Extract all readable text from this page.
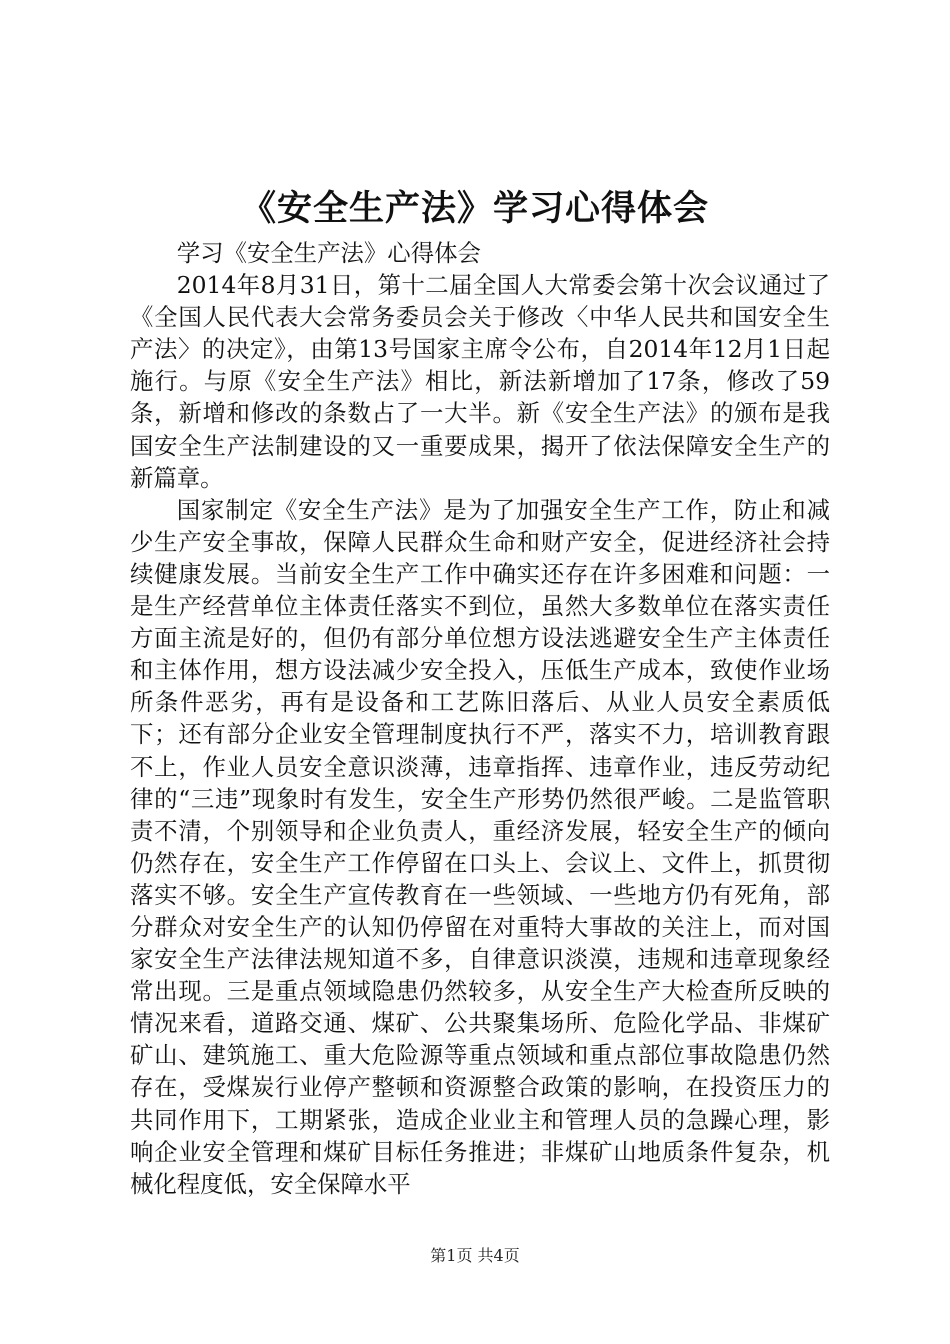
《安全生产法》学习心得体会

学习《安全生产法》心得体会

2014年8月31日，第十二届全国人大常委会第十次会议通过了《全国人民代表大会常务委员会关于修改〈中华人民共和国安全生产法〉的决定》，由第13号国家主席令公布，自2014年12月1日起施行。与原《安全生产法》相比，新法新增加了17条，修改了59条，新增和修改的条数占了一大半。新《安全生产法》的颁布是我国安全生产法制建设的又一重要成果，揭开了依法保障安全生产的新篇章。

国家制定《安全生产法》是为了加强安全生产工作，防止和减少生产安全事故，保障人民群众生命和财产安全，促进经济社会持续健康发展。当前安全生产工作中确实还存在许多困难和问题：一是生产经营单位主体责任落实不到位，虽然大多数单位在落实责任方面主流是好的，但仍有部分单位想方设法逃避安全生产主体责任和主体作用，想方设法减少安全投入，压低生产成本，致使作业场所条件恶劣，再有是设备和工艺陈旧落后、从业人员安全素质低下；还有部分企业安全管理制度执行不严，落实不力，培训教育跟不上，作业人员安全意识淡薄，违章指挥、违章作业，违反劳动纪律的“三违”现象时有发生，安全生产形势仍然很严峻。二是监管职责不清，个别领导和企业负责人，重经济发展，轻安全生产的倾向仍然存在，安全生产工作停留在口头上、会议上、文件上，抓贯彻落实不够。安全生产宣传教育在一些领域、一些地方仍有死角，部分群众对安全生产的认知仍停留在对重特大事故的关注上，而对国家安全生产法律法规知道不多，自律意识淡漠，违规和违章现象经常出现。三是重点领域隐患仍然较多，从安全生产大检查所反映的情况来看，道路交通、煤矿、公共聚集场所、危险化学品、非煤矿矿山、建筑施工、重大危险源等重点领域和重点部位事故隐患仍然存在，受煤炭行业停产整顿和资源整合政策的影响，在投资压力的共同作用下，工期紧张，造成企业业主和管理人员的急躁心理，影响企业安全管理和煤矿目标任务推进；非煤矿山地质条件复杂，机械化程度低，安全保障水平

第1页 共4页
